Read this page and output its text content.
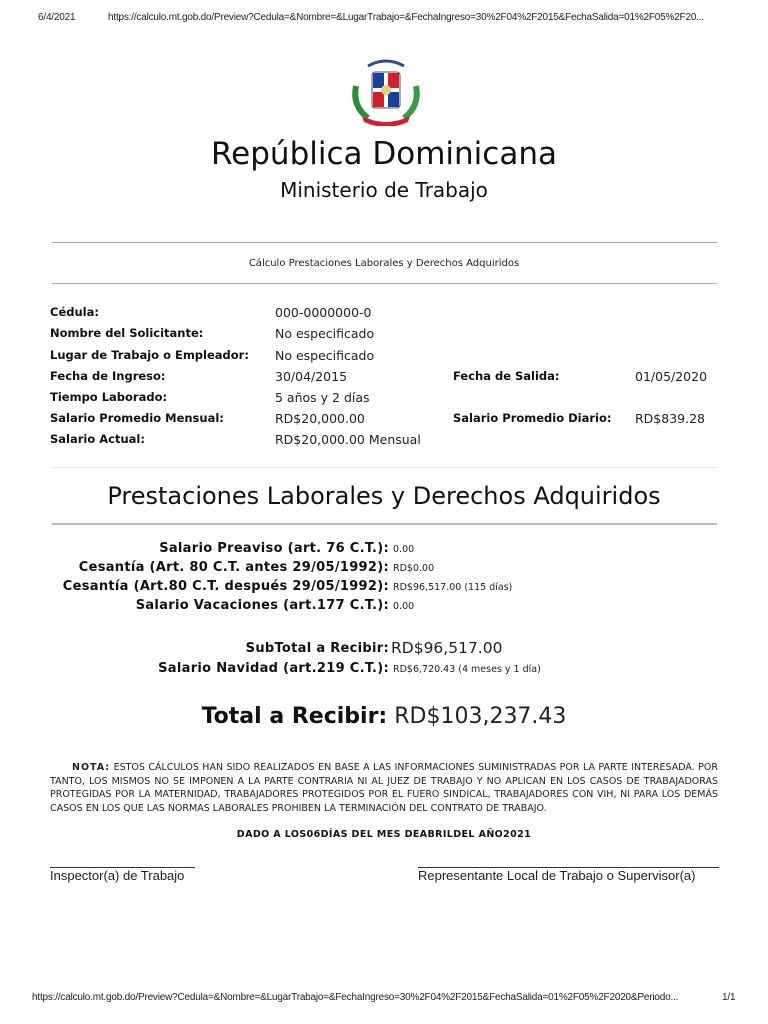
6/4/2021	https://calculo.mt.gob.do/Preview?Cedula=&Nombre=&LugarTrabajo=&FechaIngreso=30%2F04%2F2015&FechaSalida=01%2F05%2F20...
República Dominicana
Ministerio de Trabajo
Cálculo Prestaciones Laborales y Derechos Adquiridos
Cédula:	000-0000000-0
Nombre del Solicitante:	No especificado
Lugar de Trabajo o Empleador: No especificado
Fecha de Ingreso:	30/04/2015	Fecha de Salida:	01/05/2020
Tiempo Laborado:	5 años y 2 días
Salario Promedio Mensual:	RD$20,000.00	Salario Promedio Diario: RD$839.28
Salario Actual:	RD$20,000.00 Mensual
Prestaciones Laborales y Derechos Adquiridos
Salario Preaviso (art. 76 C.T.): 0.00
Cesantía (Art. 80 C.T. antes 29/05/1992): RD$0.00
Cesantía (Art.80 C.T. después 29/05/1992): RD$96,517.00 (115 días)
Salario Vacaciones (art.177 C.T.): 0.00
SubTotal a Recibir: RD$96,517.00
Salario Navidad (art.219 C.T.): RD$6,720.43 (4 meses y 1 día)
Total a Recibir: RD$103,237.43
NOTA: ESTOS CÁLCULOS HAN SIDO REALIZADOS EN BASE A LAS INFORMACIONES SUMINISTRADAS POR LA PARTE INTERESADA. POR TANTO, LOS MISMOS NO SE IMPONEN A LA PARTE CONTRARIA NI AL JUEZ DE TRABAJO Y NO APLICAN EN LOS CASOS DE TRABAJADORAS PROTEGIDAS POR LA MATERNIDAD, TRABAJADORES PROTEGIDOS POR EL FUERO SINDICAL, TRABAJADORES CON VIH, NI PARA LOS DEMÁS CASOS EN LOS QUE LAS NORMAS LABORALES PROHIBEN LA TERMINACIÓN DEL CONTRATO DE TRABAJO.
DADO A LOS06DÍAS DEL MES DEABRILDEL AÑO2021
Inspector(a) de Trabajo	Representante Local de Trabajo o Supervisor(a)
https://calculo.mt.gob.do/Preview?Cedula=&Nombre=&LugarTrabajo=&FechaIngreso=30%2F04%2F2015&FechaSalida=01%2F05%2F2020&Periodo...	1/1
